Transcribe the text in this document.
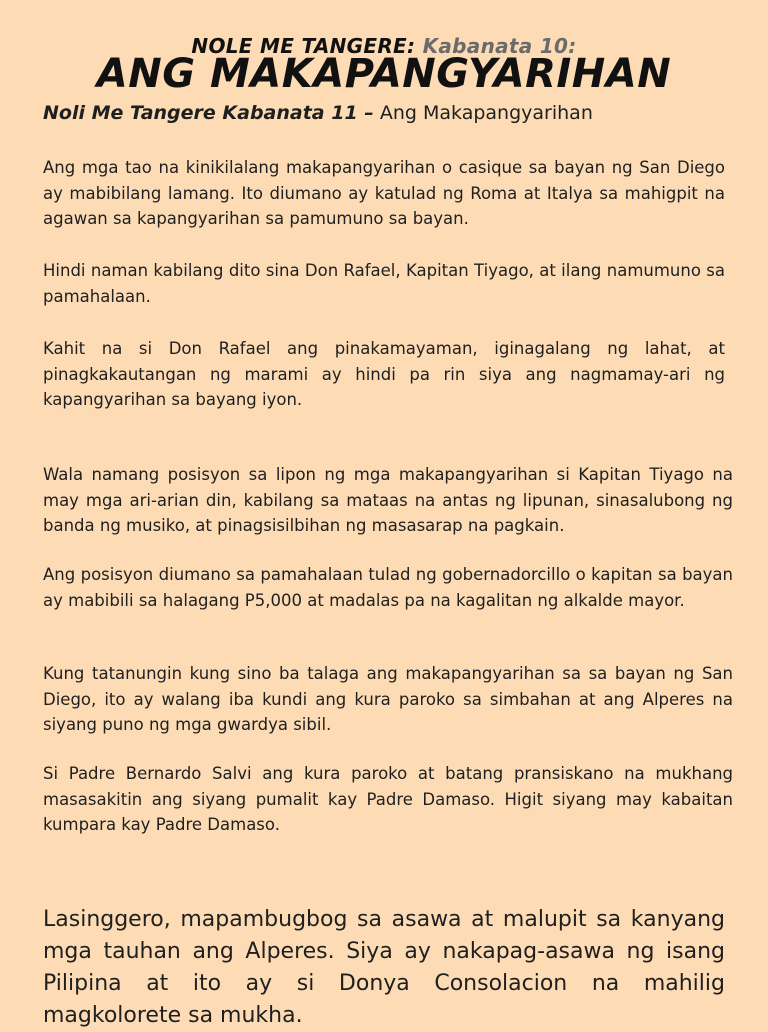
NOLE ME TANGERE: Kabanata 10:
ANG MAKAPANGYARIHAN
Noli Me Tangere Kabanata 11 – Ang Makapangyarihan

Ang mga tao na kinikilalang makapangyarihan o casique sa bayan ng San Diego ay mabibilang lamang. Ito diumano ay katulad ng Roma at Italya sa mahigpit na agawan sa kapangyarihan sa pamumuno sa bayan.

Hindi naman kabilang dito sina Don Rafael, Kapitan Tiyago, at ilang namumuno sa pamahalaan.

Kahit na si Don Rafael ang pinakamayaman, iginagalang ng lahat, at pinagkakautangan ng marami ay hindi pa rin siya ang nagmamay-ari ng kapangyarihan sa bayang iyon.

Wala namang posisyon sa lipon ng mga makapangyarihan si Kapitan Tiyago na may mga ari-arian din, kabilang sa mataas na antas ng lipunan, sinasalubong ng banda ng musiko, at pinagsisilbihan ng masasarap na pagkain.

Ang posisyon diumano sa pamahalaan tulad ng gobernadorcillo o kapitan sa bayan ay mabibili sa halagang P5,000 at madalas pa na kagalitan ng alkalde mayor.

Kung tatanungin kung sino ba talaga ang makapangyarihan sa sa bayan ng San Diego, ito ay walang iba kundi ang kura paroko sa simbahan at ang Alperes na siyang puno ng mga gwardya sibil.

Si Padre Bernardo Salvi ang kura paroko at batang pransiskano na mukhang masasakitin ang siyang pumalit kay Padre Damaso. Higit siyang may kabaitan kumpara kay Padre Damaso.

Lasinggero, mapambugbog sa asawa at malupit sa kanyang mga tauhan ang Alperes. Siya ay nakapag-asawa ng isang Pilipina at ito ay si Donya Consolacion na mahilig magkolorete sa mukha.
